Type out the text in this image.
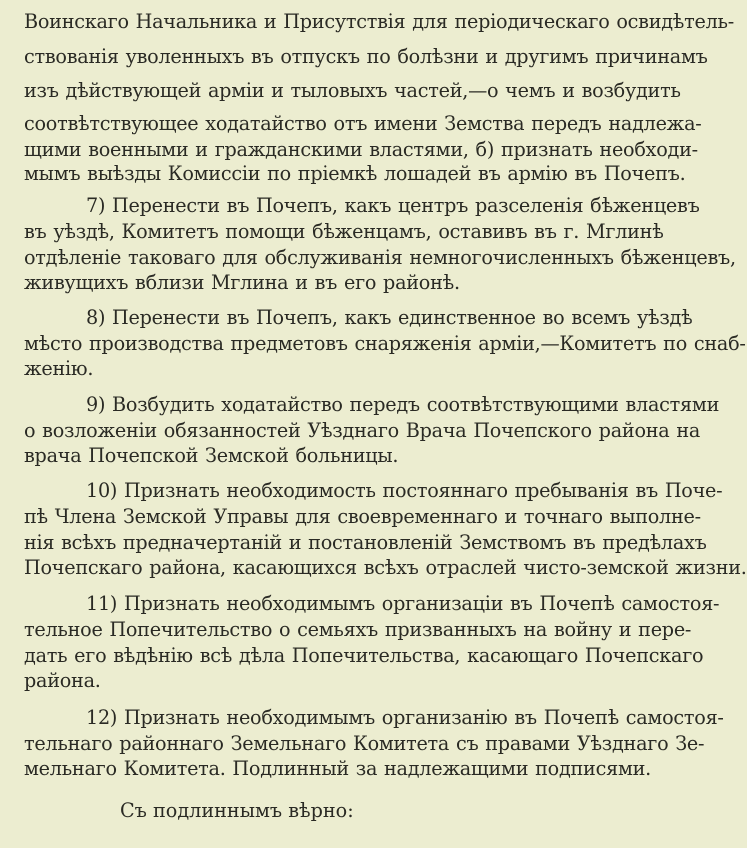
Воинскаго Начальника и Присутствія для періодическаго освидѣтель-
ствованія уволенныхъ въ отпускъ по болѣзни и другимъ причинамъ
изъ дѣйствующей арміи и тыловыхъ частей,—о чемъ и возбудить
соотвѣтствующее ходатайство отъ имени Земства передъ надлежа-
щими военными и гражданскими властями, б) признать необходи-
мымъ выѣзды Комиссіи по пріемкѣ лошадей въ армію въ Почепъ.
7) Перенести въ Почепъ, какъ центръ разселенія бѣженцевъ
въ уѣздѣ, Комитетъ помощи бѣженцамъ, оставивъ въ г. Мглинѣ
отдѣленіе таковаго для обслуживанія немногочисленныхъ бѣженцевъ,
живущихъ вблизи Мглина и въ его районѣ.
8) Перенести въ Почепъ, какъ единственное во всемъ уѣздѣ
мѣсто производства предметовъ снаряженія арміи,—Комитетъ по снаб-
женію.
9) Возбудить ходатайство передъ соотвѣтствующими властями
о возложеніи обязанностей Уѣзднаго Врача Почепского района на
врача Почепской Земской больницы.
10) Признать необходимость постояннаго пребыванія въ Поче-
пѣ Члена Земской Управы для своевременнаго и точнаго выполне-
нія всѣхъ предначертаній и постановленій Земствомъ въ предѣлахъ
Почепскаго района, касающихся всѣхъ отраслей чисто-земской жизни.
11) Признать необходимымъ организаціи въ Почепѣ самостоя-
тельное Попечительство о семьяхъ призванныхъ на войну и пере-
дать его вѣдѣнію всѣ дѣла Попечительства, касающаго Почепскаго
района.
12) Признать необходимымъ организанію въ Почепѣ самостоя-
тельнаго районнаго Земельнаго Комитета съ правами Уѣзднаго Зе-
мельнаго Комитета. Подлинный за надлежащими подписями.
Съ подлиннымъ вѣрно:
